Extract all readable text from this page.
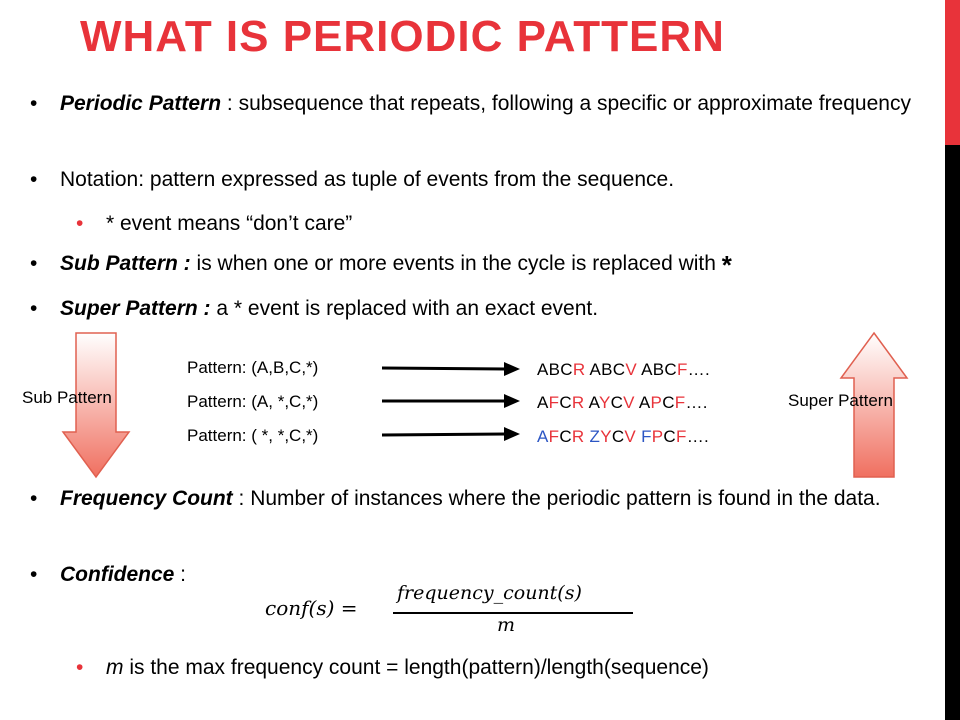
WHAT IS PERIODIC PATTERN
• Periodic Pattern : subsequence that repeats, following a specific or approximate frequency
• Notation: pattern expressed as tuple of events from the sequence.
• * event means “don’t care”
• Sub Pattern : is when one or more events in the cycle is replaced with *
• Super Pattern : a * event is replaced with an exact event.
Sub Pattern	Super Pattern
Pattern: (A,B,C,*)
Pattern: (A, *,C,*)
Pattern: ( *, *,C,*)
ABCR ABCV ABCF….
AFCR AYCV APCF….
AFCR ZYCV FPCF….
• Frequency Count : Number of instances where the periodic pattern is found in the data.
• Confidence :
conf(s) =
frequency_count(s)
m
• m is the max frequency count = length(pattern)/length(sequence)
